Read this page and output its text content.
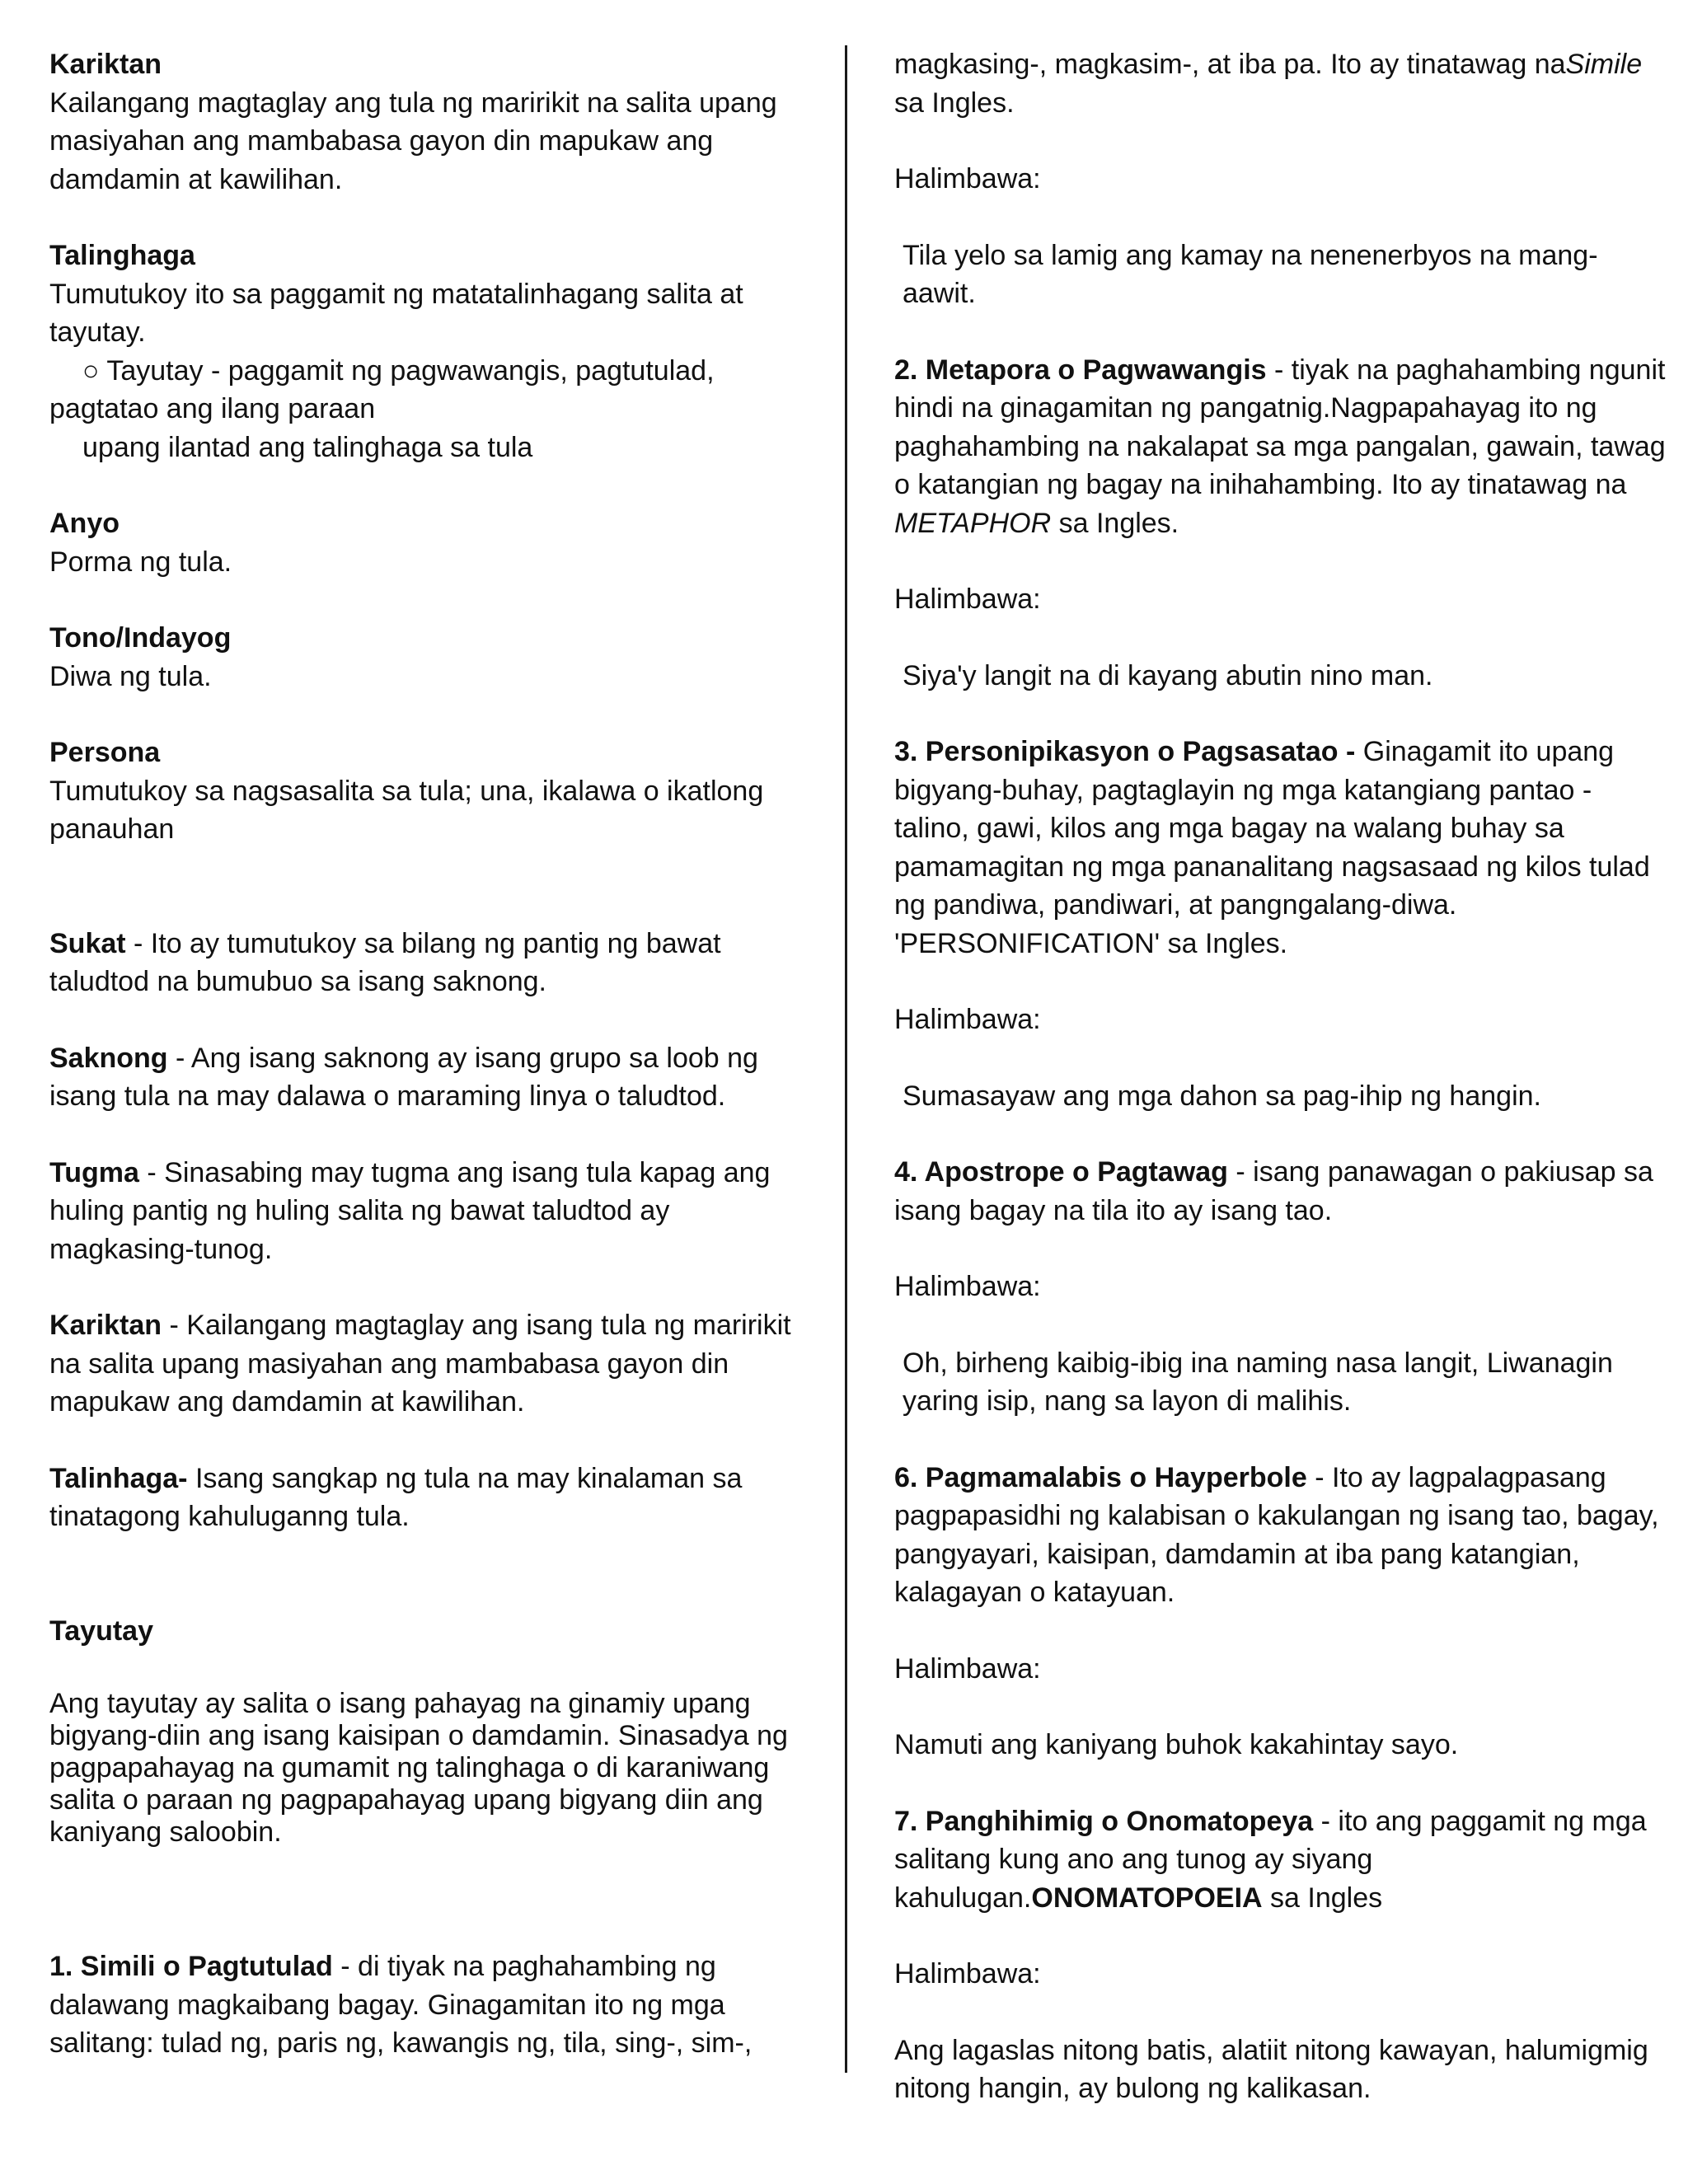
Kariktan

Kailangang magtaglay ang tula ng maririkit na salita upang masiyahan ang mambabasa gayon din mapukaw ang damdamin at kawilihan.

Talinghaga

Tumutukoy ito sa paggamit ng matatalinhagang salita at tayutay.

○ Tayutay - paggamit ng pagwawangis, pagtutulad,

pagtatao ang ilang paraan

upang ilantad ang talinghaga sa tula

Anyo

Porma ng tula.

Tono/Indayog

Diwa ng tula.

Persona

Tumutukoy sa nagsasalita sa tula; una, ikalawa o ikatlong panauhan

Sukat - Ito ay tumutukoy sa bilang ng pantig ng bawat taludtod na bumubuo sa isang saknong.

Saknong - Ang isang saknong ay isang grupo sa loob ng isang tula na may dalawa o maraming linya o taludtod.

Tugma - Sinasabing may tugma ang isang tula kapag ang huling pantig ng huling salita ng bawat taludtod ay magkasing-tunog.

Kariktan - Kailangang magtaglay ang isang tula ng maririkit na salita upang masiyahan ang mambabasa gayon din mapukaw ang damdamin at kawilihan.

Talinhaga- Isang sangkap ng tula na may kinalaman sa tinatagong kahuluganng tula.

Tayutay

Ang tayutay ay salita o isang pahayag na ginamiy upang bigyang-diin ang isang kaisipan o damdamin. Sinasadya ng pagpapahayag na gumamit ng talinghaga o di karaniwang salita o paraan ng pagpapahayag upang bigyang diin ang kaniyang saloobin.

1. Simili o Pagtutulad - di tiyak na paghahambing ng dalawang magkaibang bagay. Ginagamitan ito ng mga salitang: tulad ng, paris ng, kawangis ng, tila, sing-, sim-,

magkasing-, magkasim-, at iba pa. Ito ay tinatawag naSimile sa Ingles.

Halimbawa:

Tila yelo sa lamig ang kamay na nenenerbyos na mang-aawit.

2. Metapora o Pagwawangis - tiyak na paghahambing ngunit hindi na ginagamitan ng pangatnig.Nagpapahayag ito ng paghahambing na nakalapat sa mga pangalan, gawain, tawag o katangian ng bagay na inihahambing. Ito ay tinatawag na METAPHOR sa Ingles.

Halimbawa:

Siya'y langit na di kayang abutin nino man.

3. Personipikasyon o Pagsasatao - Ginagamit ito upang bigyang-buhay, pagtaglayin ng mga katangiang pantao - talino, gawi, kilos ang mga bagay na walang buhay sa pamamagitan ng mga pananalitang nagsasaad ng kilos tulad ng pandiwa, pandiwari, at pangngalang-diwa. 'PERSONIFICATION' sa Ingles.

Halimbawa:

Sumasayaw ang mga dahon sa pag-ihip ng hangin.

4. Apostrope o Pagtawag - isang panawagan o pakiusap sa isang bagay na tila ito ay isang tao.

Halimbawa:

Oh, birheng kaibig-ibig ina naming nasa langit, Liwanagin yaring isip, nang sa layon di malihis.

6. Pagmamalabis o Hayperbole - Ito ay lagpalagpasang pagpapasidhi ng kalabisan o kakulangan ng isang tao, bagay, pangyayari, kaisipan, damdamin at iba pang katangian, kalagayan o katayuan.

Halimbawa:

Namuti ang kaniyang buhok kakahintay sayo.

7. Panghihimig o Onomatopeya - ito ang paggamit ng mga salitang kung ano ang tunog ay siyang kahulugan.ONOMATOPOEIA sa Ingles

Halimbawa:

Ang lagaslas nitong batis, alatiit nitong kawayan, halumigmig nitong hangin, ay bulong ng kalikasan.
